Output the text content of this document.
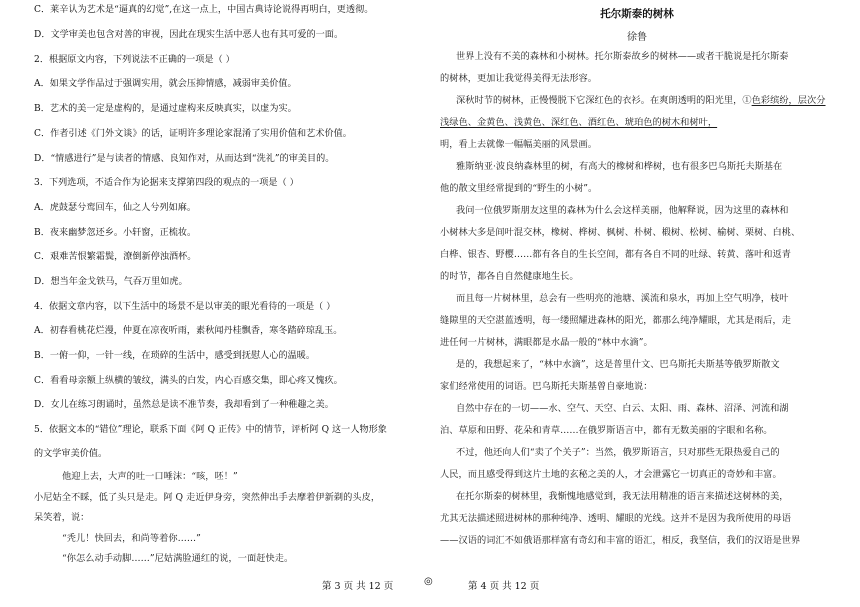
C．莱辛认为艺术是“逼真的幻觉”,在这一点上，中国古典诗论说得再明白，更透彻。
D．文学审美也包含对善的审视，因此在现实生活中恶人也有其可爱的一面。
2．根据原文内容，下列说法不正确的一项是（ ）
A．如果文学作品过于强调实用，就会压抑情感，减弱审美价值。
B．艺术的美一定是虚构的，是通过虚构来反映真实，以虚为实。
C．作者引述《门外文谈》的话，证明许多理论家混淆了实用价值和艺术价值。
D．“情感进行”是与读者的情感、良知作对，从而达到“洗礼”的审美目的。
3．下列选项，不适合作为论据来支撑第四段的观点的一项是（ ）
A．虎鼓瑟兮鸾回车，仙之人兮列如麻。
B．夜来幽梦忽还乡。小轩窗，正梳妆。
C．艰难苦恨繁霜鬓，潦倒新停浊酒杯。
D．想当年金戈铁马，气吞万里如虎。
4．依据文章内容，以下生活中的场景不是以审美的眼光看待的一项是（ ）
A．初春看桃花烂漫，仲夏在凉夜听雨，素秋闻丹桂飘香，寒冬踏碎琼乱玉。
B．一俯一仰，一针一线，在琐碎的生活中，感受到抚慰人心的温暖。
C．看看母亲额上纵横的皱纹，满头的白发，内心百感交集，即心疼又愧疚。
D．女儿在练习朗诵时，虽然总是读不准节奏，我却看到了一种稚趣之美。
5．依据文本的“错位”理论，联系下面《阿 Q 正传》中的情节，评析阿 Q 这一人物形象
的文学审美价值。
他迎上去，大声的吐一口唾沫：“咳，呸！”
小尼姑全不睬，低了头只是走。阿 Q 走近伊身旁，突然伸出手去摩着伊新剃的头皮，
呆笑着，说：
“秃儿！快回去，和尚等着你……”
“你怎么动手动脚……”尼姑满脸通红的说，一面赶快走。
托尔斯泰的树林
徐鲁
世界上没有不美的森林和小树林。托尔斯泰故乡的树林——或者干脆说是托尔斯泰
的树林，更加让我觉得美得无法形容。
深秋时节的树林，正慢慢脱下它深红色的衣衫。在爽朗透明的阳光里，①色彩缤纷，层次分
浅绿色、金黄色、浅黄色、深红色、酒红色、琥珀色的树木和树叶，
明，看上去就像一幅幅美丽的风景画。
雅斯纳亚·波良纳森林里的树，有高大的橡树和桦树，也有很多巴乌斯托夫斯基在
他的散文里经常提到的“野生的小树”。
我问一位俄罗斯朋友这里的森林为什么会这样美丽，他解释说，因为这里的森林和
小树林大多是间叶混交林，橡树、桦树、枫树、朴树、椴树、松树、榆树、栗树、白桃、
白桦、银杏、野樱……都有各自的生长空间，都有各自不同的吐绿、转黄、落叶和返青
的时节，都各自自然健康地生长。
而且每一片树林里，总会有一些明亮的池塘、溪流和泉水，再加上空气明净，枝叶
缝隙里的天空湛蓝透明，每一缕照耀进森林的阳光，都那么纯净耀眼，尤其是雨后，走
进任何一片树林，满眼都是水晶一般的“林中水滴”。
是的，我想起来了，“林中水滴”，这是普里什文、巴乌斯托夫斯基等俄罗斯散文
家们经常使用的词语。巴乌斯托夫斯基曾自豪地说：
自然中存在的一切——水、空气、天空、白云、太阳、雨、森林、沼泽、河流和湖
泊、草原和田野、花朵和青草……在俄罗斯语言中，都有无数美丽的字眼和名称。
不过，他还向人们“卖了个关子”：当然，俄罗斯语言，只对那些无限热爱自己的
人民，而且感受得到这片土地的玄秘之美的人，才会泄露它一切真正的奇妙和丰富。
在托尔斯泰的树林里，我惭愧地感觉到，我无法用精准的语言来描述这树林的美，
尤其无法描述照进树林的那种纯净、透明、耀眼的光线。这并不是因为我所使用的母语
——汉语的词汇不如俄语那样富有奇幻和丰富的语汇，相反，我坚信，我们的汉语是世界
第 3 页 共 12 页	◎	第 4 页 共 12 页
